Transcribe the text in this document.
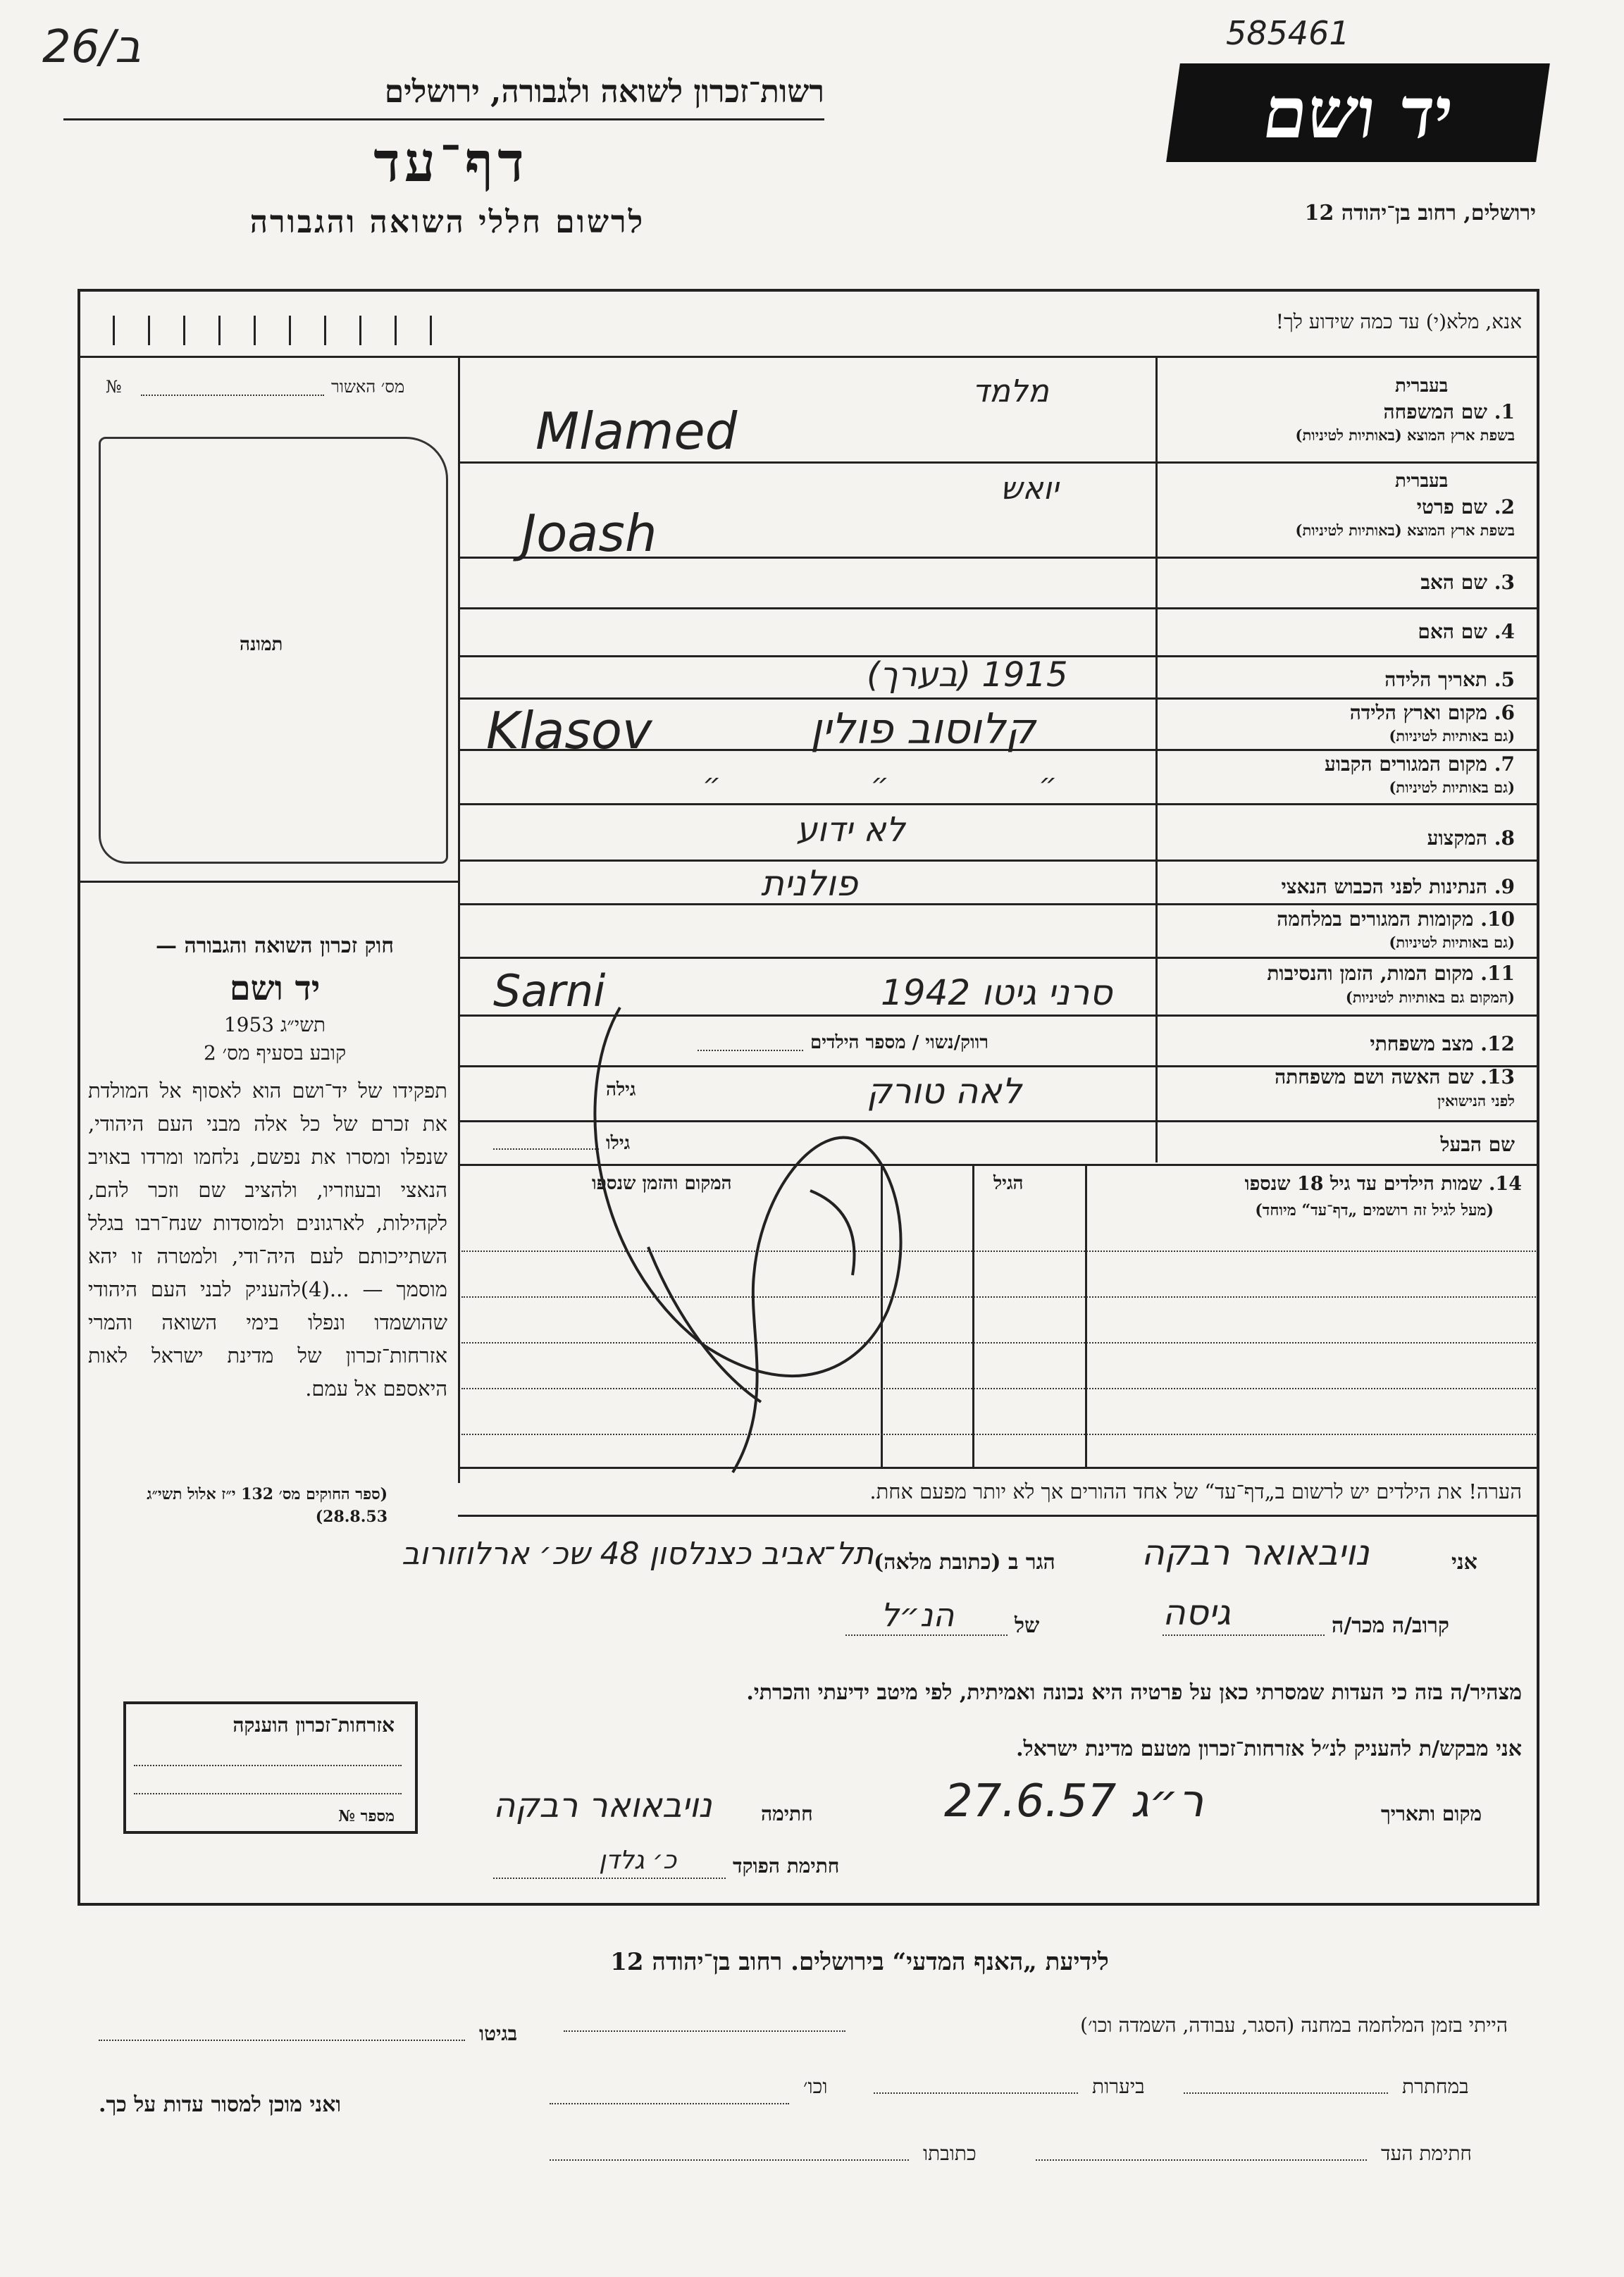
26/ב	585461
רשות־זכרון לשואה ולגבורה, ירושלים
דף־עד
לרשום חללי השואה והגבורה
יד ושם
ירושלים, רחוב בן־יהודה 12
אנא, מלא(י) עד כמה שידוע לך!
מס׳ האשור
№
תמונה
חוק זכרון השואה והגבורה —
יד ושם
תשי״ג 1953
קובע בסעיף מס׳ 2
תפקידו של יד־ושם הוא לאסוף אל המולדת את זכרם של כל אלה מבני העם היהודי, שנפלו ומסרו את נפשם, נלחמו ומרדו באויב הנאצי ובעוזריו, ולהציב שם וזכר להם, לקהילות, לארגונים ולמוסדות שנח־רבו בגלל השתייכותם לעם היה־ודי, ולמטרה זו יהא מוסמך — ...(4)להעניק לבני העם היהודי שהושמדו ונפלו בימי השואה והמרי אזרחות־זכרון של מדינת ישראל לאות היאספם אל עמם.
(ספר החוקים מס׳ 132 י״ז אלול תשי״ג 28.8.53)
בעברית
1. שם המשפחה
בשפת ארץ המוצא (באותיות לטיניות)
מלמד
Mlamed
בעברית
2. שם פרטי
בשפת ארץ המוצא (באותיות לטיניות)
יואש
Joash
3. שם האב
4. שם האם
5. תאריך הלידה
1915 (בערך)
6. מקום וארץ הלידה
(גם באותיות לטיניות)
Klasov	קלוסוב פולין
7. מקום המגורים הקבוע
(גם באותיות לטיניות)
״ ״ ״
8. המקצוע
לא ידוע
9. הנתינות לפני הכבוש הנאצי
פולנית
10. מקומות המגורים במלחמה
(גם באותיות לטיניות)
11. מקום המות, הזמן והנסיבות
(המקום גם באותיות לטיניות)
Sarni	סרני גיטו 1942
12. מצב משפחתי
רווק/נשוי / מספר הילדים
13. שם האשה ושם משפחתה
לפני הנישואין
גילה	לאה טורק
שם הבעל
גילו
14. שמות הילדים עד גיל 18 שנספו
(מעל לגיל זה רושמים „דף־עד“ מיוחד)
הגיל
המקום והזמן שנספו
הערה! את הילדים יש לרשום ב„דף־עד“ של אחד ההורים אך לא יותר מפעם אחת.
אני
נויבאואר רבקה
הגר ב (כתובת מלאה)
תל־אביב כצנלסון 48 שכ׳ ארלוזורוב
קרוב/ה מכר/ה
גיסה
של
הנ״ל
מצהיר/ה בזה כי העדות שמסרתי כאן על פרטיה היא נכונה ואמיתית, לפי מיטב ידיעתי והכרתי.
אני מבקש/ת להעניק לנ״ל אזרחות־זכרון מטעם מדינת ישראל.
מקום ותאריך
ר״ג 27.6.57
חתימה
נויבאואר רבקה
חתימת הפוקד
כ׳ גלדן
אזרחות־זכרון הוענקה
מספר №
לידיעת „האנף המדעי“ בירושלים. רחוב בן־יהודה 12
הייתי בזמן המלחמה במחנה (הסגר, עבודה, השמדה וכו׳)
בגיטו
במחתרת
ביערות
וכו׳
ואני מוכן למסור עדות על כך.
חתימת העד
כתובתו
